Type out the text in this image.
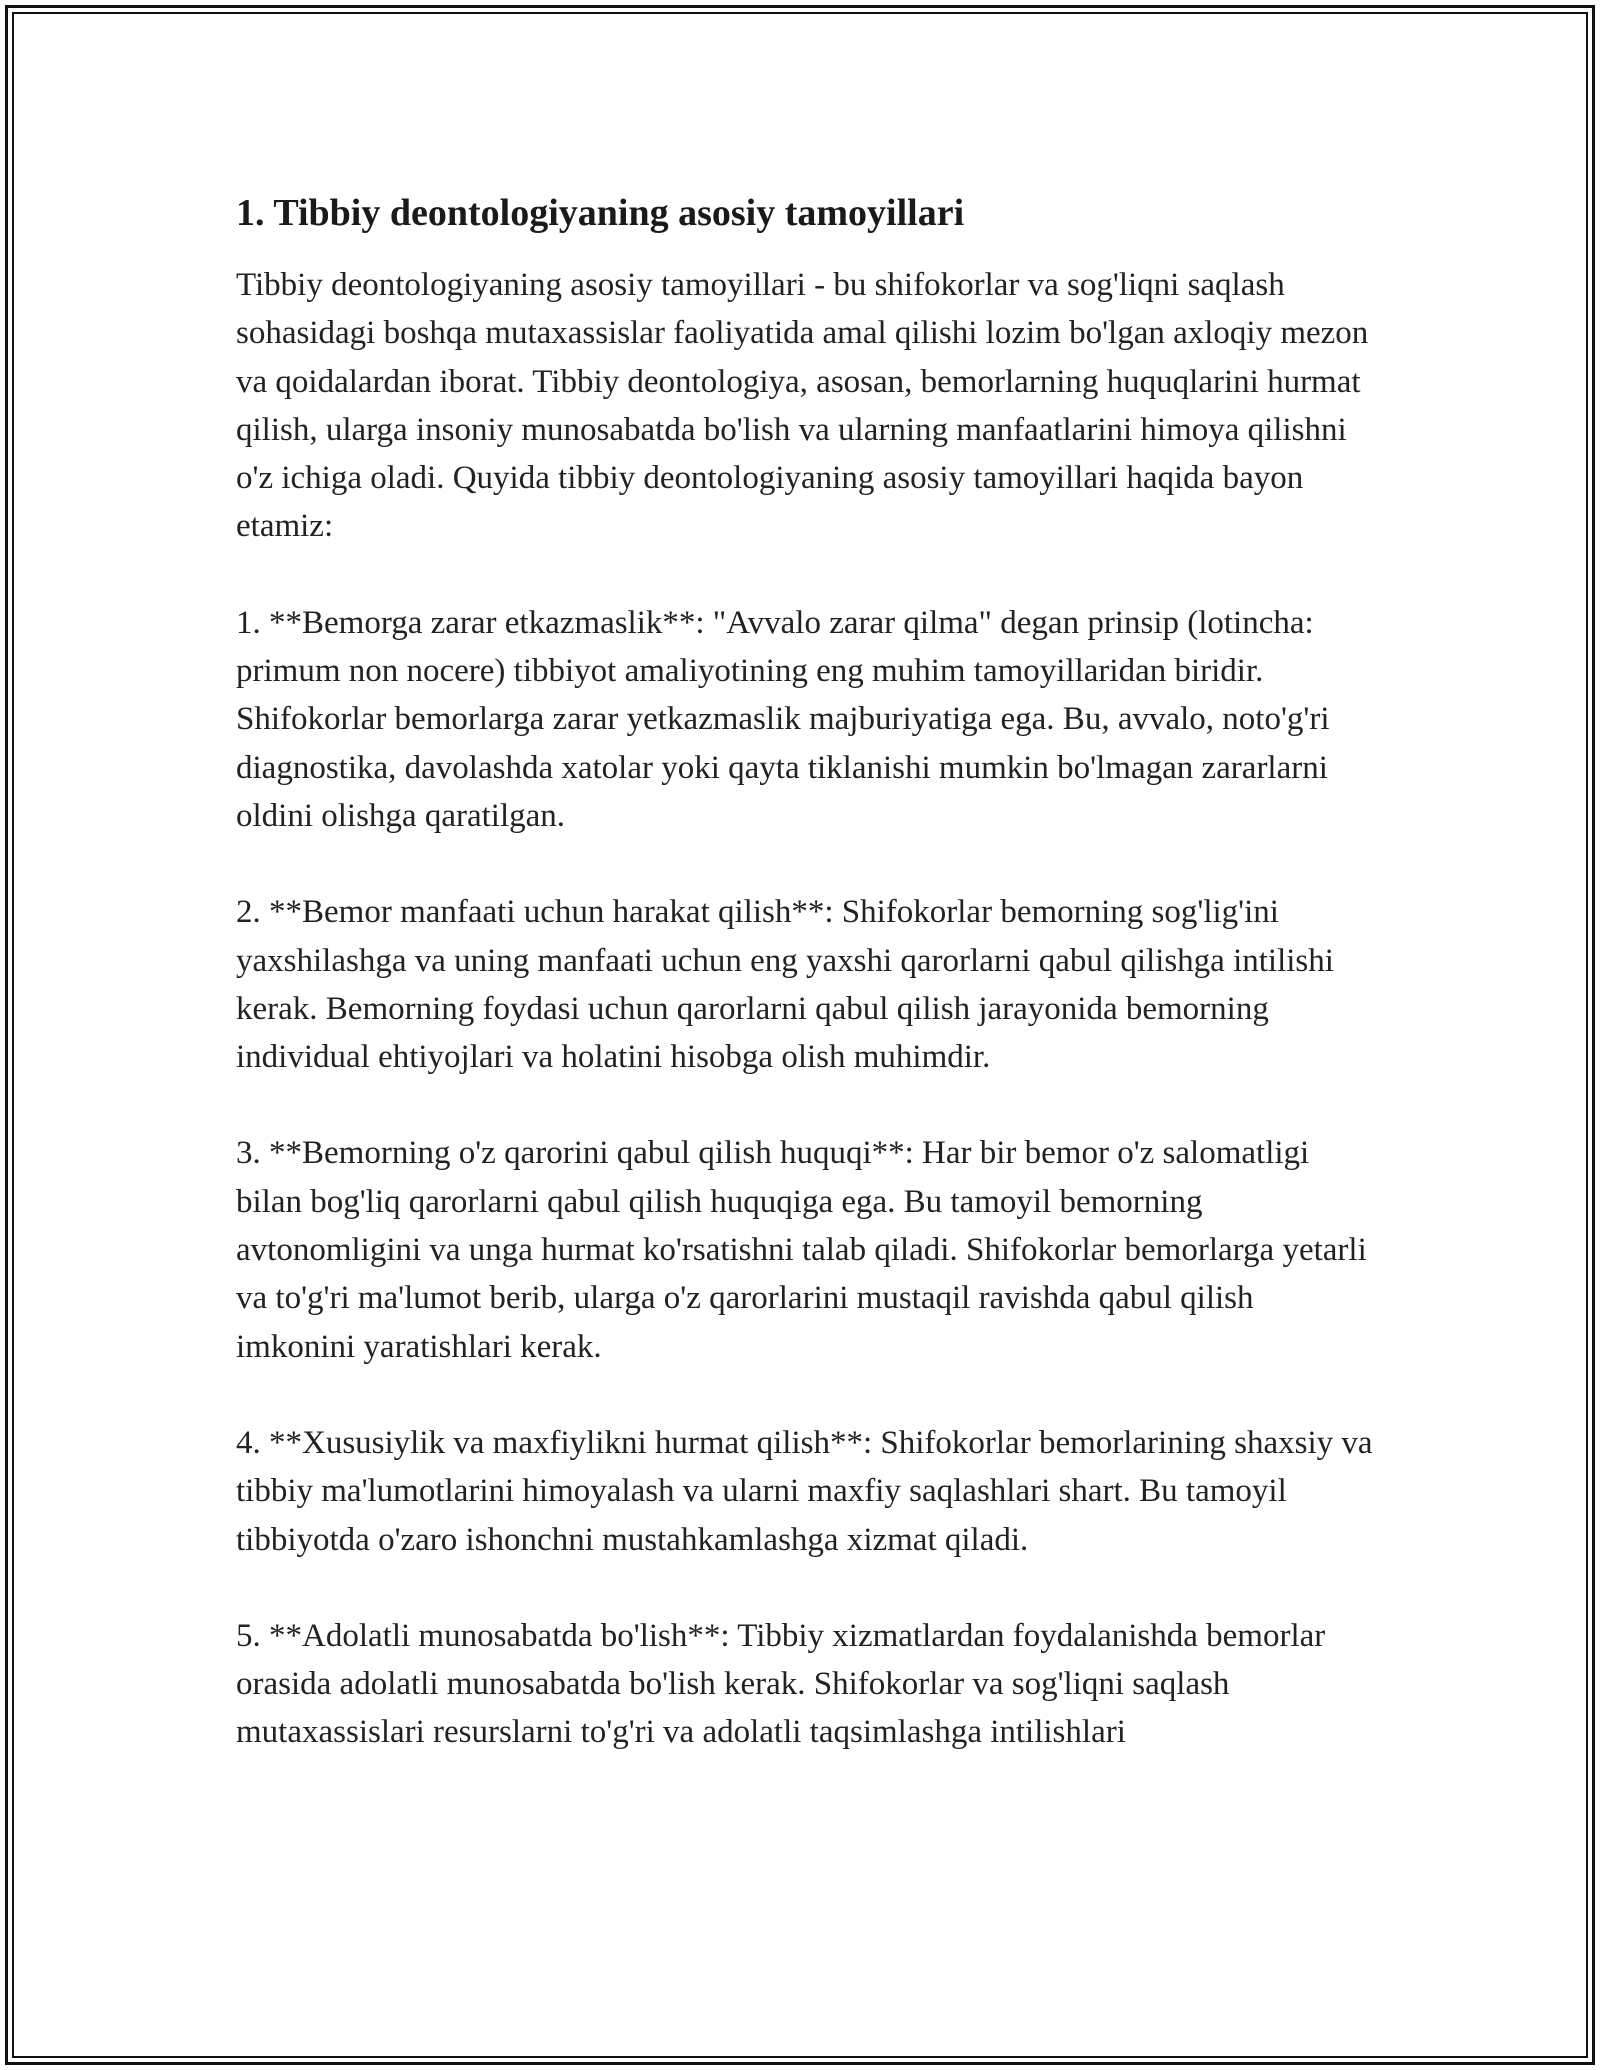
1. Tibbiy deontologiyaning asosiy tamoyillari

Tibbiy deontologiyaning asosiy tamoyillari - bu shifokorlar va sog'liqni saqlash sohasidagi boshqa mutaxassislar faoliyatida amal qilishi lozim bo'lgan axloqiy mezon va qoidalardan iborat. Tibbiy deontologiya, asosan, bemorlarning huquqlarini hurmat qilish, ularga insoniy munosabatda bo'lish va ularning manfaatlarini himoya qilishni o'z ichiga oladi. Quyida tibbiy deontologiyaning asosiy tamoyillari haqida bayon etamiz:

1. **Bemorga zarar etkazmaslik**: "Avvalo zarar qilma" degan prinsip (lotincha: primum non nocere) tibbiyot amaliyotining eng muhim tamoyillaridan biridir. Shifokorlar bemorlarga zarar yetkazmaslik majburiyatiga ega. Bu, avvalo, noto'g'ri diagnostika, davolashda xatolar yoki qayta tiklanishi mumkin bo'lmagan zararlarni oldini olishga qaratilgan.

2. **Bemor manfaati uchun harakat qilish**: Shifokorlar bemorning sog'lig'ini yaxshilashga va uning manfaati uchun eng yaxshi qarorlarni qabul qilishga intilishi kerak. Bemorning foydasi uchun qarorlarni qabul qilish jarayonida bemorning individual ehtiyojlari va holatini hisobga olish muhimdir.

3. **Bemorning o'z qarorini qabul qilish huquqi**: Har bir bemor o'z salomatligi bilan bog'liq qarorlarni qabul qilish huquqiga ega. Bu tamoyil bemorning avtonomligini va unga hurmat ko'rsatishni talab qiladi. Shifokorlar bemorlarga yetarli va to'g'ri ma'lumot berib, ularga o'z qarorlarini mustaqil ravishda qabul qilish imkonini yaratishlari kerak.

4. **Xususiylik va maxfiylikni hurmat qilish**: Shifokorlar bemorlarining shaxsiy va tibbiy ma'lumotlarini himoyalash va ularni maxfiy saqlashlari shart. Bu tamoyil tibbiyotda o'zaro ishonchni mustahkamlashga xizmat qiladi.

5. **Adolatli munosabatda bo'lish**: Tibbiy xizmatlardan foydalanishda bemorlar orasida adolatli munosabatda bo'lish kerak. Shifokorlar va sog'liqni saqlash mutaxassislari resurslarni to'g'ri va adolatli taqsimlashga intilishlari
